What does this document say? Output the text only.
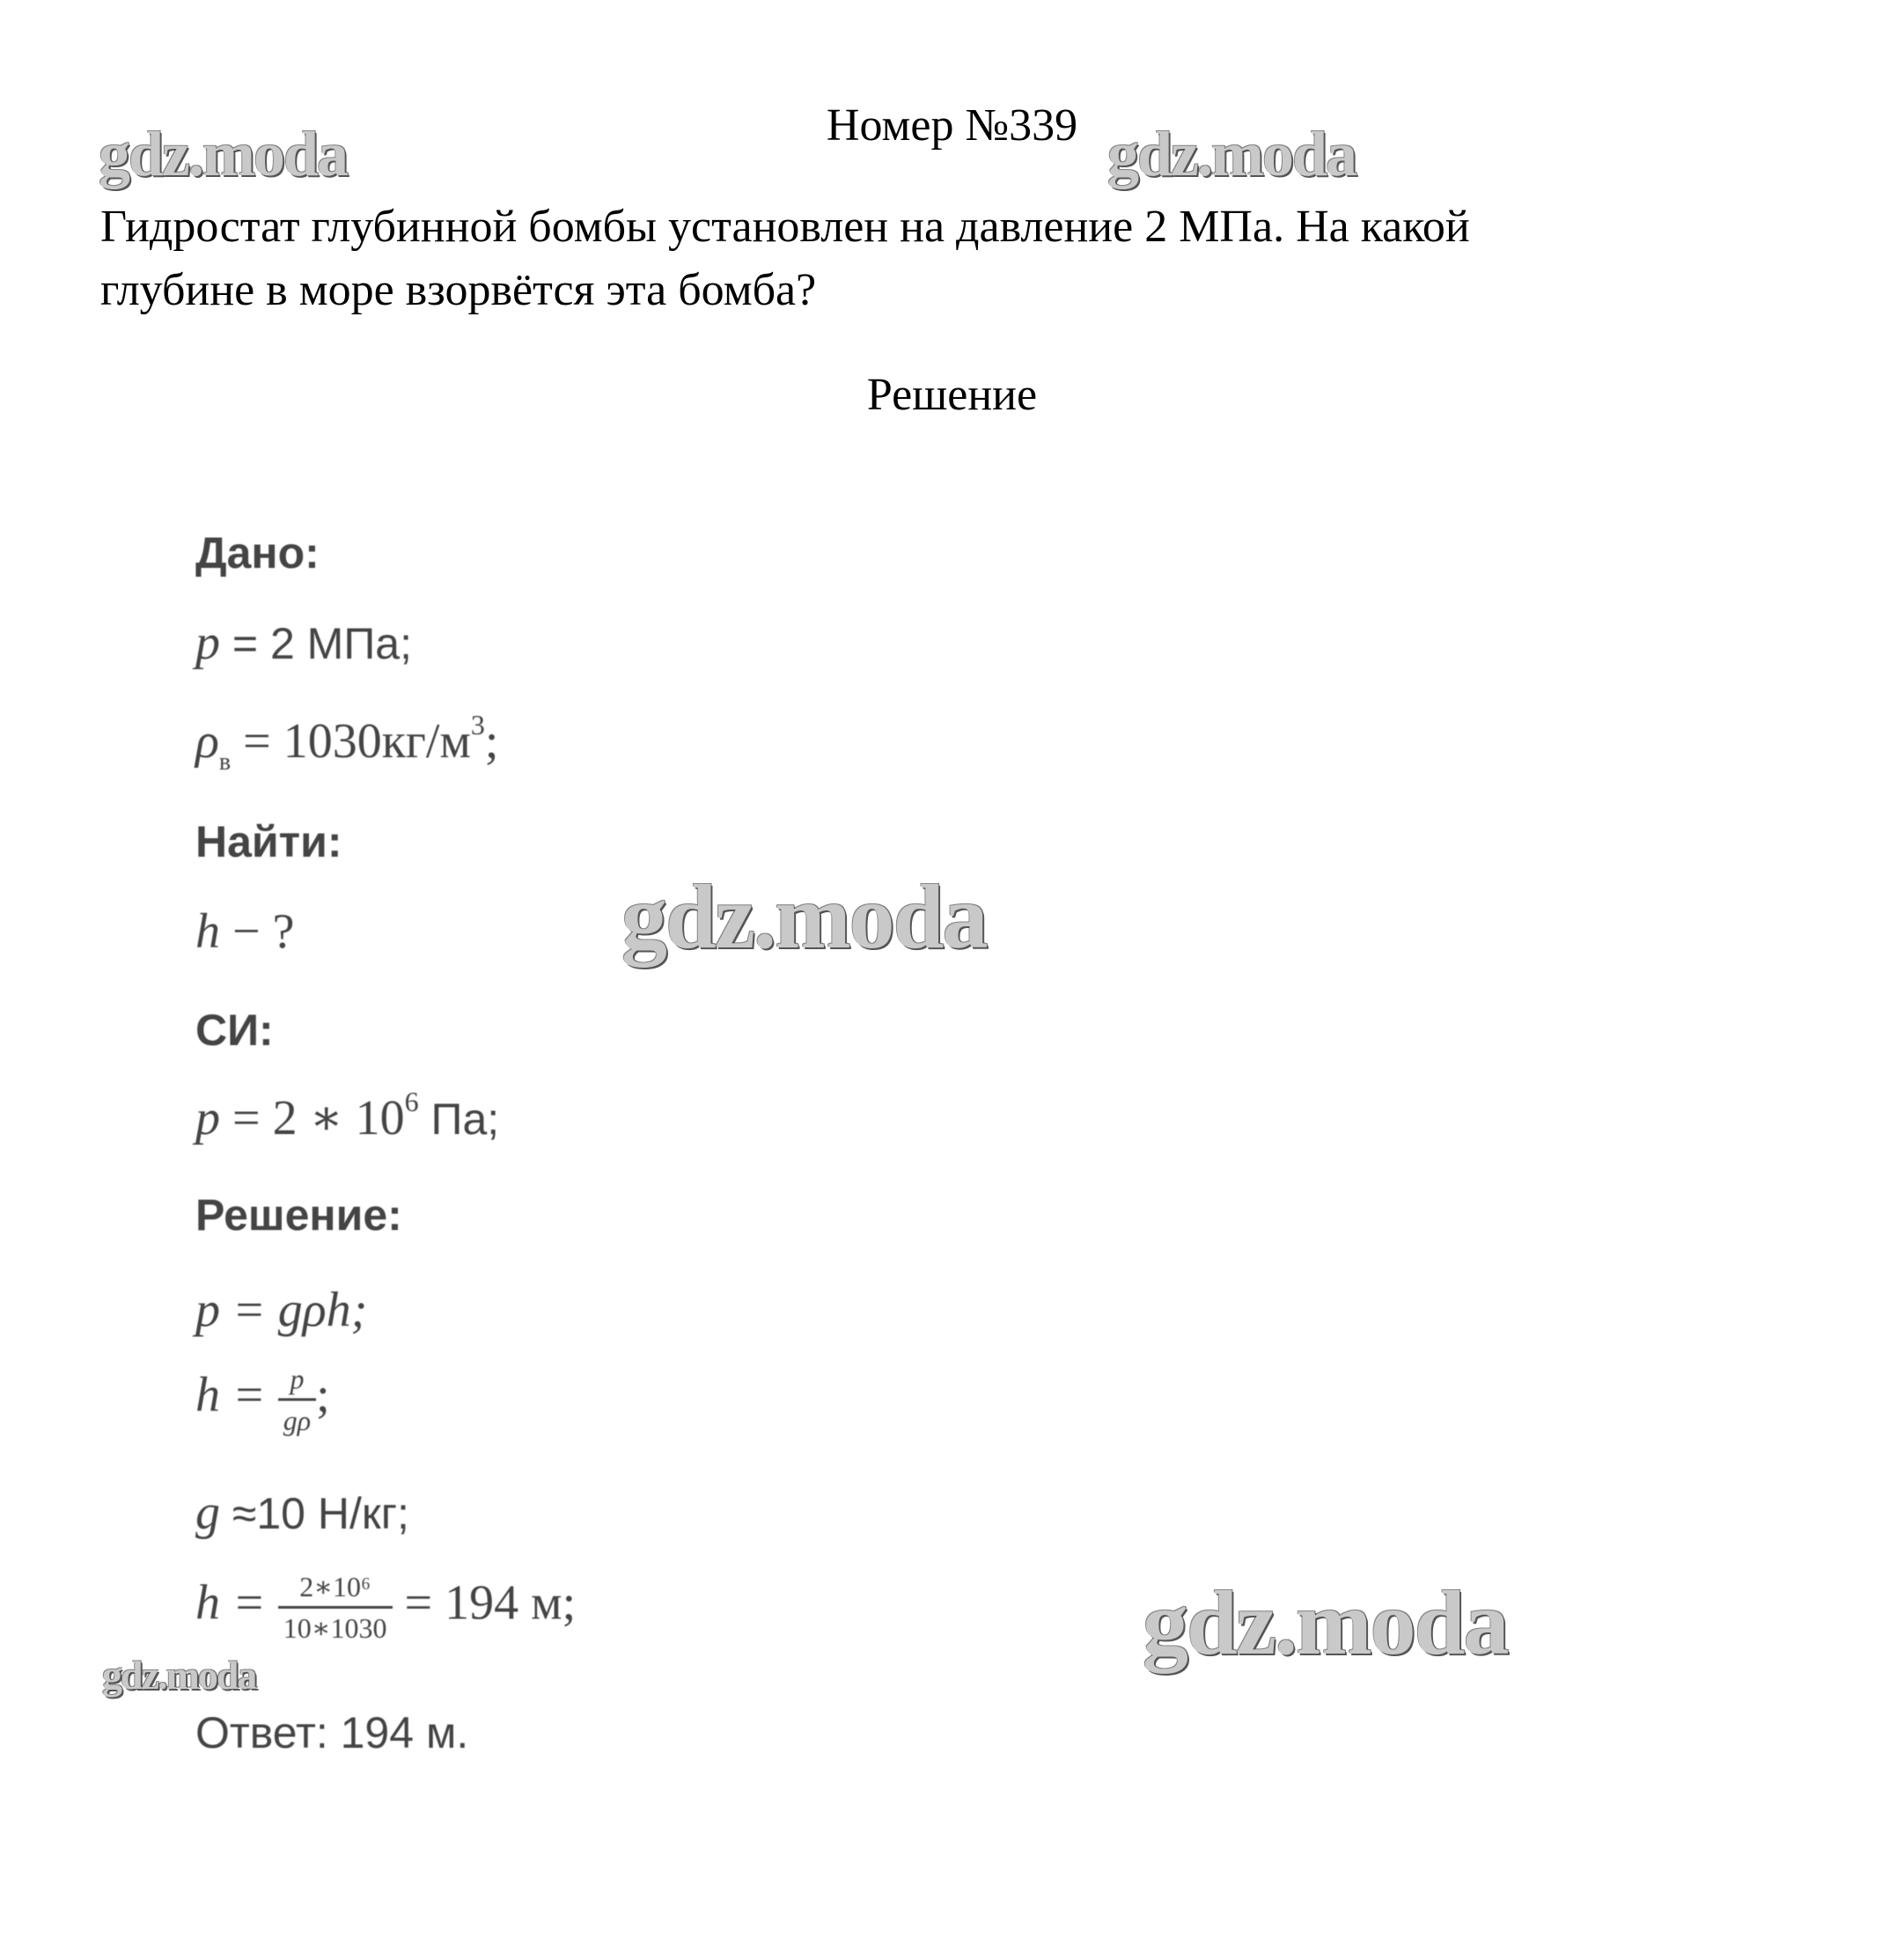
Номер №339
Гидростат глубинной бомбы установлен на давление 2 МПа. На какой
глубине в море взорвётся эта бомба?
Решение
Дано:
p = 2 МПа;
$\rho_в = 1030кг/м^3$;
Найти:
h − ?
СИ:
p = 2 ∗ $10^6$ Па;
Решение:
p = gρh;
$h = \frac{p}{g\rho}$ ;
g ≈10 Н/кг;
$h = \frac{\text{2∗10⁶}}{10∗1030} = 194$ м;
Ответ: 194 м.
gdz.moda	gdz.moda
gdz.moda
gdz.moda
gdz.moda
